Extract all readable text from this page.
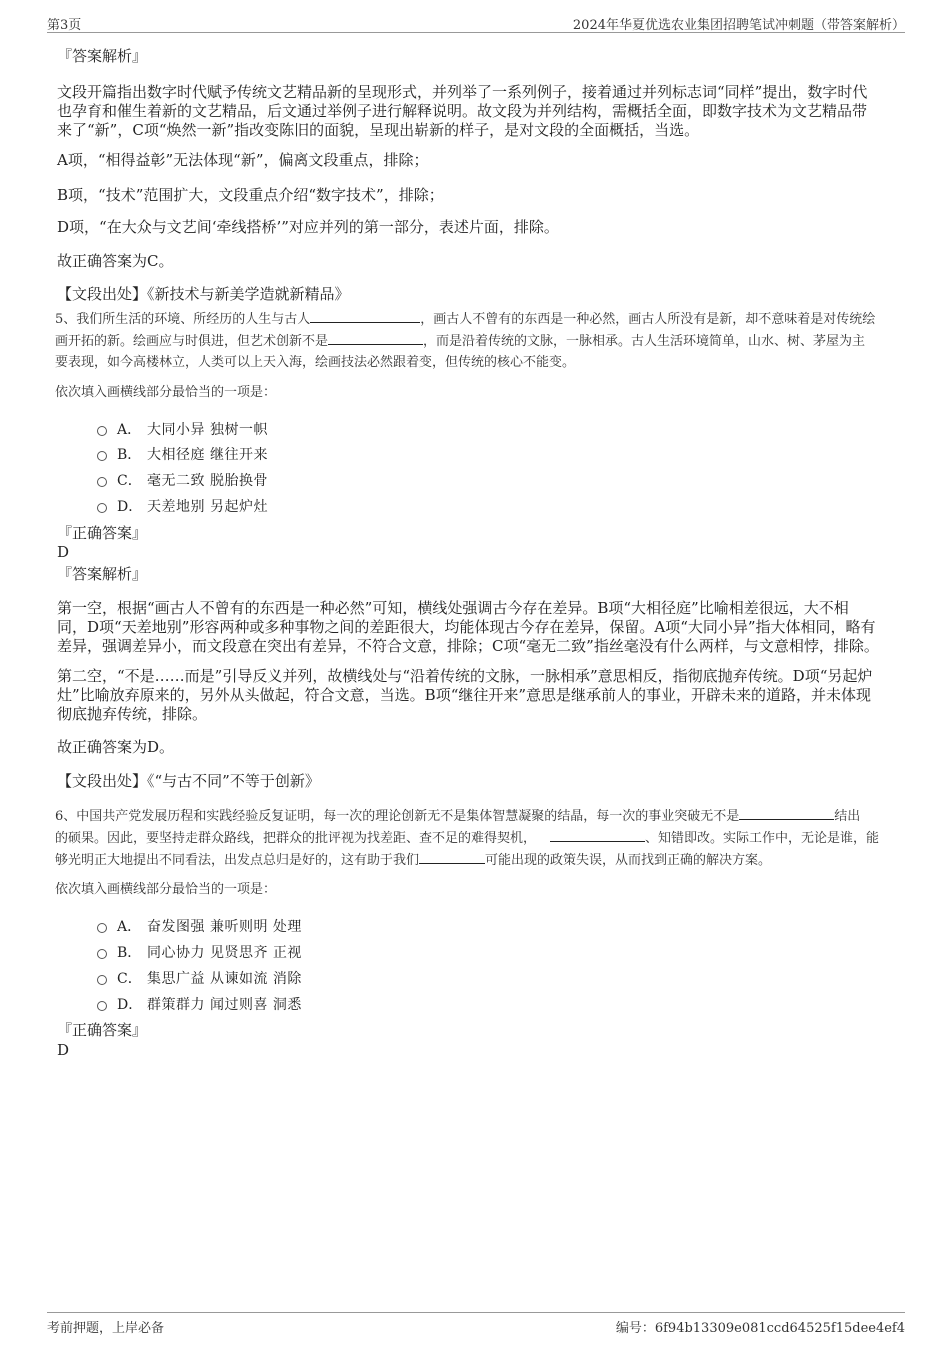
第3页	2024年华夏优选农业集团招聘笔试冲刺题（带答案解析）
『答案解析』
文段开篇指出数字时代赋予传统文艺精品新的呈现形式，并列举了一系列例子，接着通过并列标志词“同样”提出，数字时代
也孕育和催生着新的文艺精品，后文通过举例子进行解释说明。故文段为并列结构，需概括全面，即数字技术为文艺精品带
来了“新”，C项“焕然一新”指改变陈旧的面貌，呈现出崭新的样子，是对文段的全面概括，当选。
A项，“相得益彰”无法体现“新”，偏离文段重点，排除；
B项，“技术”范围扩大，文段重点介绍“数字技术”，排除；
D项，“在大众与文艺间‘牵线搭桥’”对应并列的第一部分，表述片面，排除。
故正确答案为C。
【文段出处】《新技术与新美学造就新精品》
5、我们所生活的环境、所经历的人生与古人	，画古人不曾有的东西是一种必然，画古人所没有是新，却不意味着是对传统绘
画开拓的新。绘画应与时俱进，但艺术创新不是	，而是沿着传统的文脉，一脉相承。古人生活环境简单，山水、树、茅屋为主
要表现，如今高楼林立，人类可以上天入海，绘画技法必然跟着变，但传统的核心不能变。
依次填入画横线部分最恰当的一项是：
A． 大同小异 独树一帜
B． 大相径庭 继往开来
C． 毫无二致 脱胎换骨
D． 天差地别 另起炉灶
『正确答案』
D
『答案解析』
第一空，根据“画古人不曾有的东西是一种必然”可知，横线处强调古今存在差异。B项“大相径庭”比喻相差很远，大不相
同，D项“天差地别”形容两种或多种事物之间的差距很大，均能体现古今存在差异，保留。A项“大同小异”指大体相同，略有
差异，强调差异小，而文段意在突出有差异，不符合文意，排除；C项“毫无二致”指丝毫没有什么两样，与文意相悖，排除。
第二空，“不是……而是”引导反义并列，故横线处与“沿着传统的文脉，一脉相承”意思相反，指彻底抛弃传统。D项“另起炉
灶”比喻放弃原来的，另外从头做起，符合文意，当选。B项“继往开来”意思是继承前人的事业，开辟未来的道路，并未体现
彻底抛弃传统，排除。
故正确答案为D。
【文段出处】《“与古不同”不等于创新》
6、中国共产党发展历程和实践经验反复证明，每一次的理论创新无不是集体智慧凝聚的结晶，每一次的事业突破无不是	结出
的硕果。因此，要坚持走群众路线，把群众的批评视为找差距、查不足的难得契机，	、知错即改。实际工作中，无论是谁，能
够光明正大地提出不同看法，出发点总归是好的，这有助于我们	可能出现的政策失误，从而找到正确的解决方案。
依次填入画横线部分最恰当的一项是：
A． 奋发图强 兼听则明 处理
B． 同心协力 见贤思齐 正视
C． 集思广益 从谏如流 消除
D． 群策群力 闻过则喜 洞悉
『正确答案』
D
考前押题，上岸必备	编号：6f94b13309e081ccd64525f15dee4ef4
